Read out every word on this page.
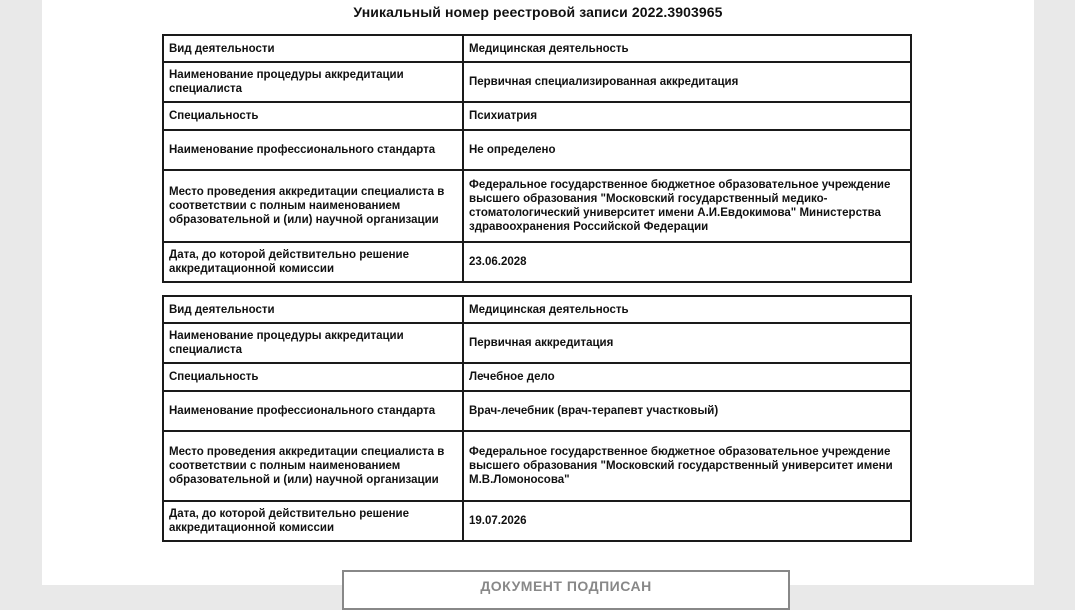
Уникальный номер реестровой записи 2022.3903965
Вид деятельности	Медицинская деятельность
Наименование процедуры аккредитации специалиста	Первичная специализированная аккредитация
Специальность	Психиатрия
Наименование профессионального стандарта	Не определено
Место проведения аккредитации специалиста в соответствии с полным наименованием образовательной и (или) научной организации	Федеральное государственное бюджетное образовательное учреждение высшего образования "Московский государственный медико-стоматологический университет имени А.И.Евдокимова" Министерства здравоохранения Российской Федерации
Дата, до которой действительно решение аккредитационной комиссии	23.06.2028
Вид деятельности	Медицинская деятельность
Наименование процедуры аккредитации специалиста	Первичная аккредитация
Специальность	Лечебное дело
Наименование профессионального стандарта	Врач-лечебник (врач-терапевт участковый)
Место проведения аккредитации специалиста в соответствии с полным наименованием образовательной и (или) научной организации	Федеральное государственное бюджетное образовательное учреждение высшего образования "Московский государственный университет имени М.В.Ломоносова"
Дата, до которой действительно решение аккредитационной комиссии	19.07.2026
ДОКУМЕНТ ПОДПИСАН
